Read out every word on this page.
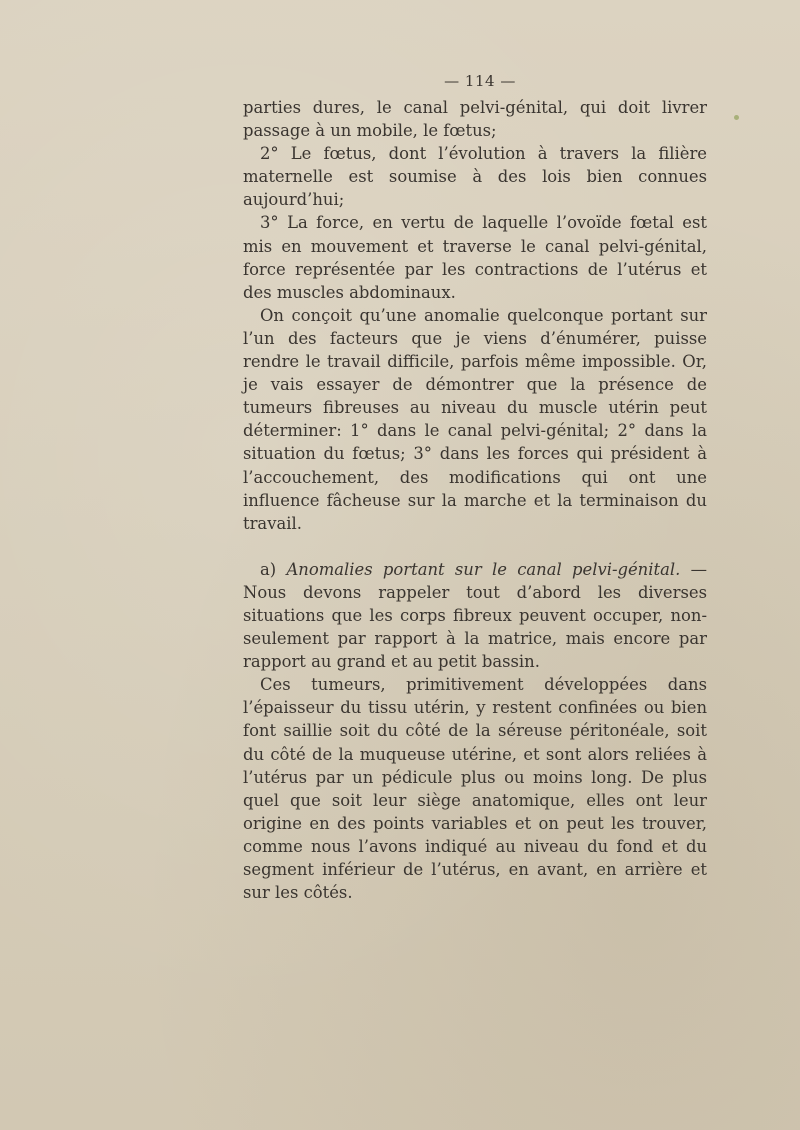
— 114 —

parties dures, le canal pelvi-génital, qui doit livrer passage à un mobile, le fœtus;

2° Le fœtus, dont l’évolution à travers la filière maternelle est soumise à des lois bien connues aujourd’hui;

3° La force, en vertu de laquelle l’ovoïde fœtal est mis en mouvement et traverse le canal pelvi-génital, force représentée par les contractions de l’utérus et des muscles abdominaux.

On conçoit qu’une anomalie quelconque portant sur l’un des facteurs que je viens d’énumérer, puisse rendre le travail difficile, parfois même impossible. Or, je vais essayer de démontrer que la présence de tumeurs fibreuses au niveau du muscle utérin peut déterminer: 1° dans le canal pelvi-génital; 2° dans la situation du fœtus; 3° dans les forces qui président à l’accouchement, des modifications qui ont une influence fâcheuse sur la marche et la terminaison du travail.

a) Anomalies portant sur le canal pelvi-génital. — Nous devons rappeler tout d’abord les diverses situations que les corps fibreux peuvent occuper, non-seulement par rapport à la matrice, mais encore par rapport au grand et au petit bassin.

Ces tumeurs, primitivement développées dans l’épaisseur du tissu utérin, y restent confinées ou bien font saillie soit du côté de la séreuse péritonéale, soit du côté de la muqueuse utérine, et sont alors reliées à l’utérus par un pédicule plus ou moins long. De plus quel que soit leur siège anatomique, elles ont leur origine en des points variables et on peut les trouver, comme nous l’avons indiqué au niveau du fond et du segment inférieur de l’utérus, en avant, en arrière et sur les côtés.
